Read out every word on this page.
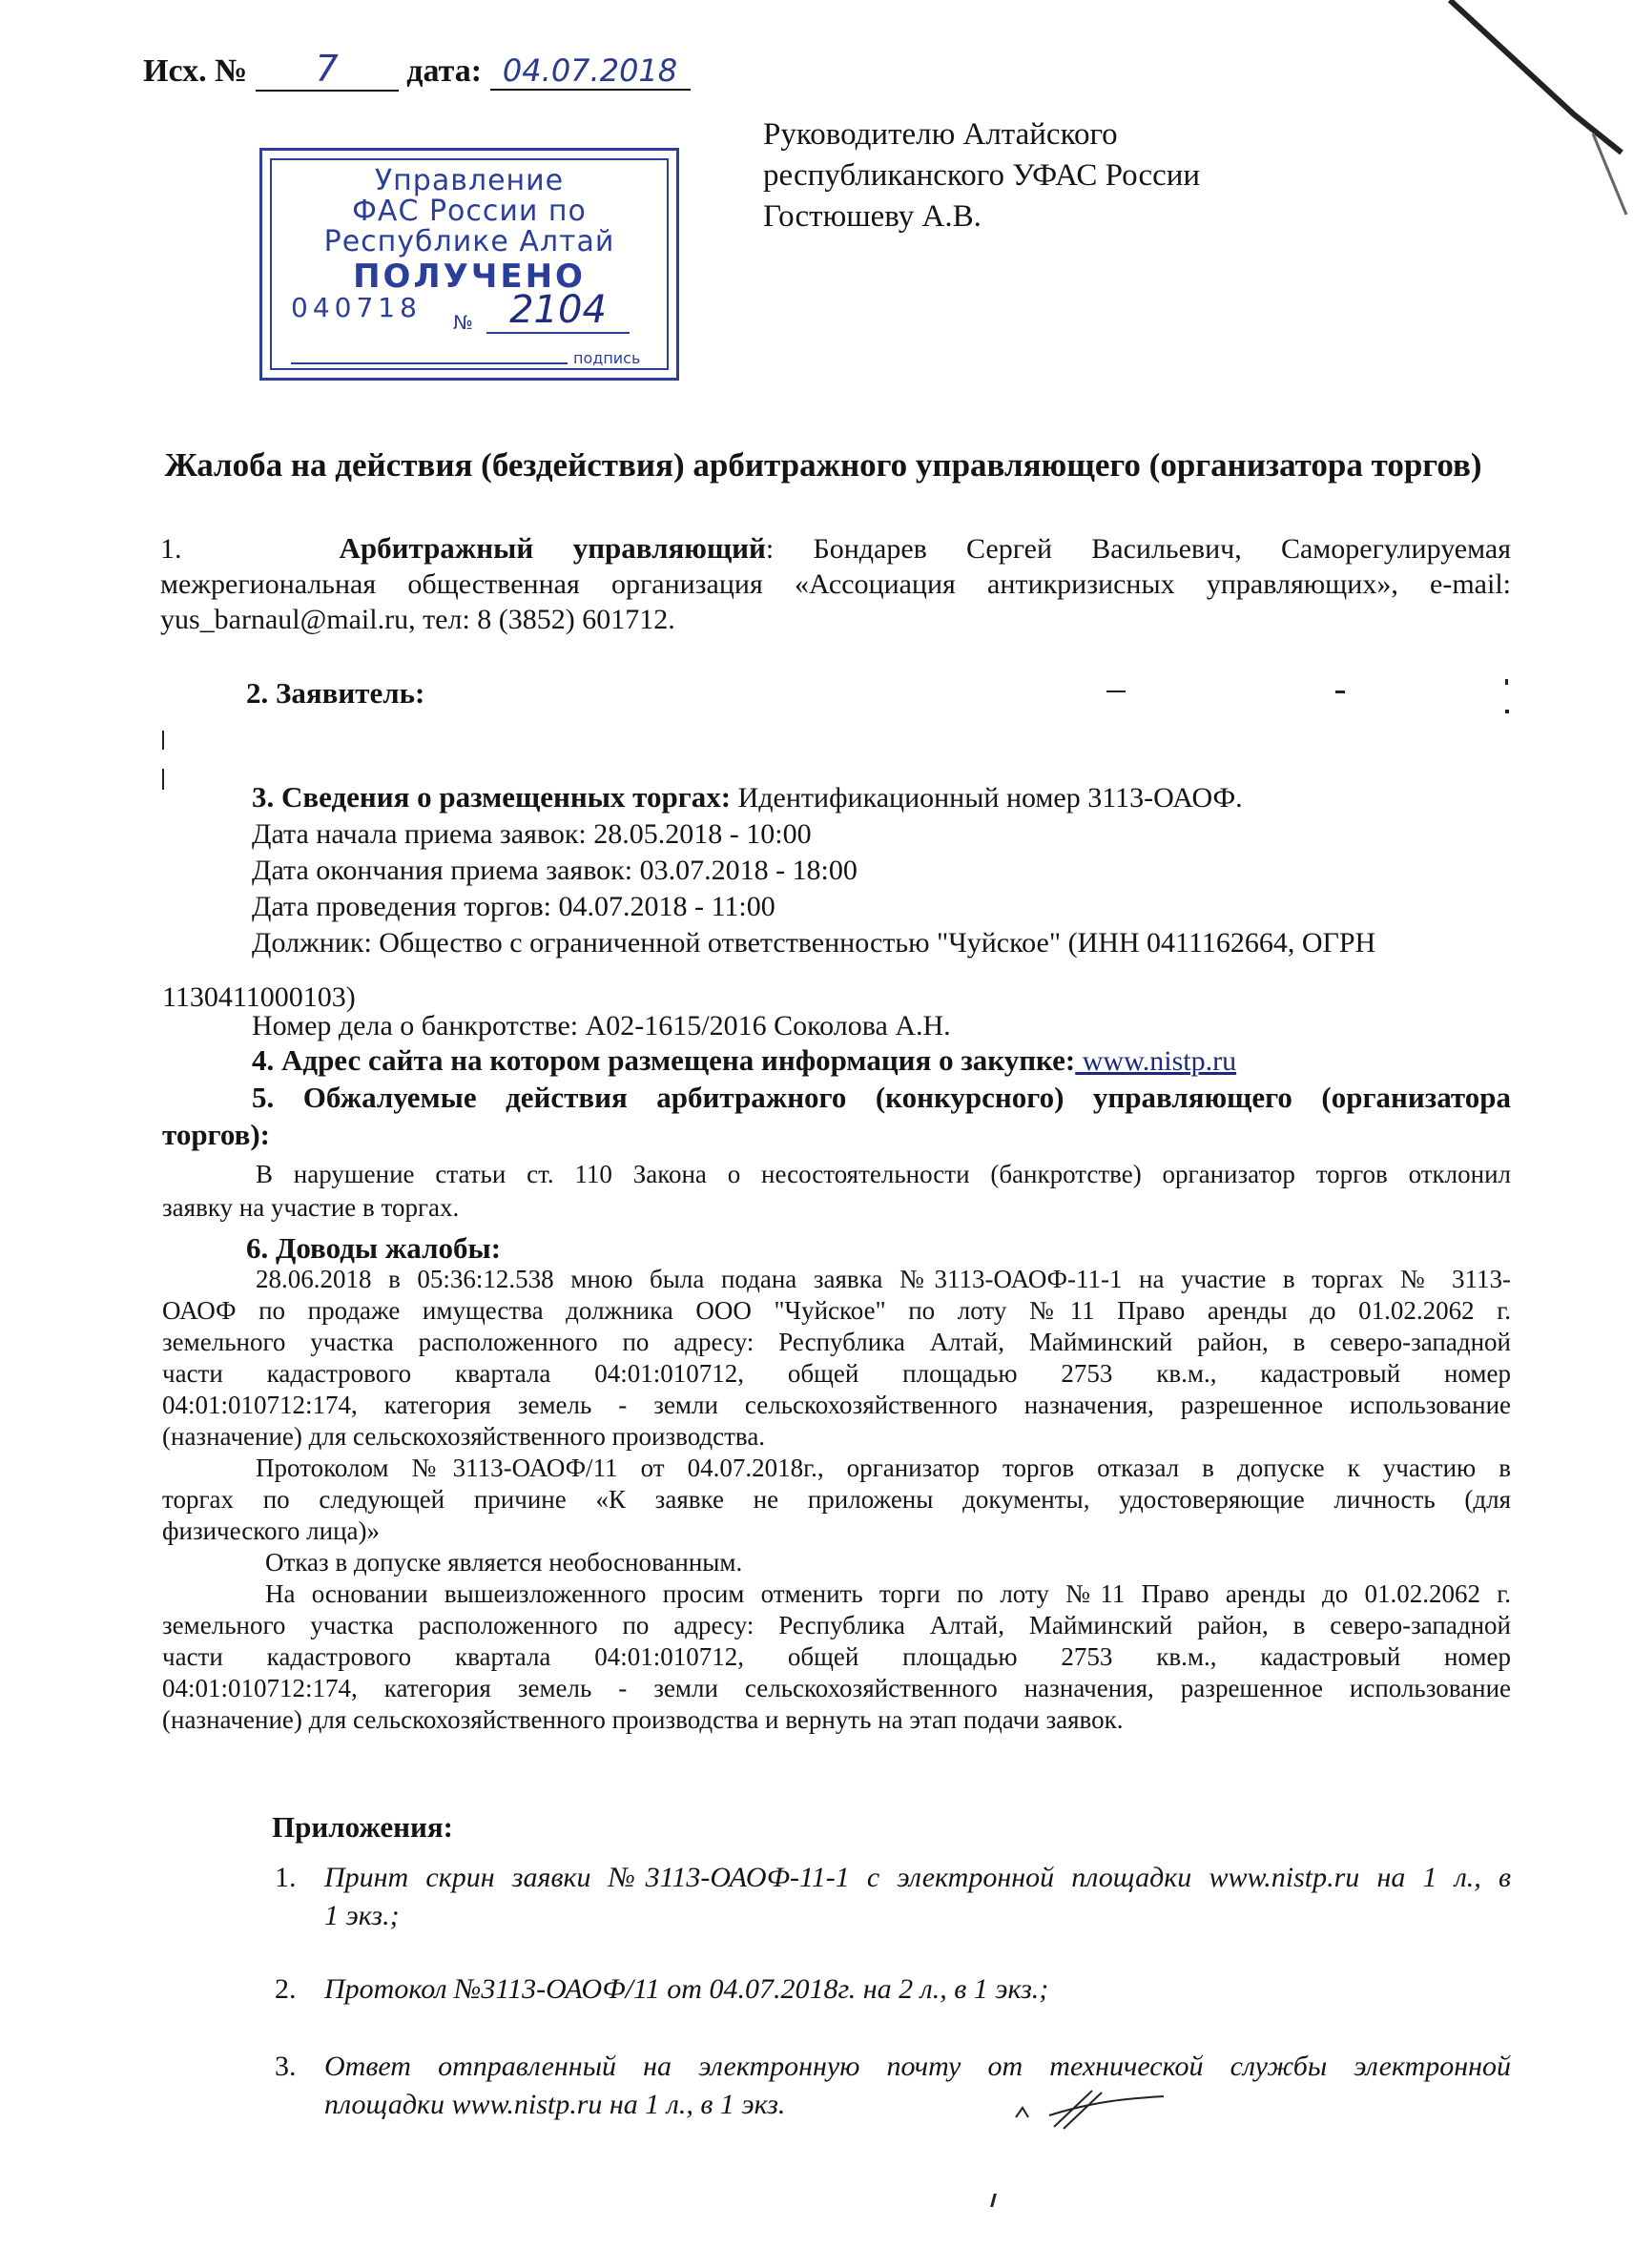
Исх. № 7 дата: 04.07.2018
Руководителю Алтайского
республиканского УФАС России
Гостюшеву А.В.
Управление
ФАС России по
Республике Алтай
ПОЛУЧЕНО
040718 № 2104
подпись
Жалоба на действия (бездействия) арбитражного управляющего (организатора торгов)
1.	Арбитражный управляющий: Бондарев Сергей Васильевич, Саморегулируемая
межрегиональная общественная организация «Ассоциация антикризисных управляющих», e-mail:
yus_barnaul@mail.ru, тел: 8 (3852) 601712.
2. Заявитель:
3. Сведения о размещенных торгах: Идентификационный номер 3113-ОАОФ.
Дата начала приема заявок: 28.05.2018 - 10:00
Дата окончания приема заявок: 03.07.2018 - 18:00
Дата проведения торгов: 04.07.2018 - 11:00
Должник: Общество с ограниченной ответственностью "Чуйское" (ИНН 0411162664, ОГРН
1130411000103)
Номер дела о банкротстве: А02-1615/2016 Соколова А.Н.
4. Адрес сайта на котором размещена информация о закупке: www.nistp.ru
5. Обжалуемые действия арбитражного (конкурсного) управляющего (организатора
торгов):
В нарушение статьи ст. 110 Закона о несостоятельности (банкротстве) организатор торгов отклонил
заявку на участие в торгах.
6. Доводы жалобы:
28.06.2018 в 05:36:12.538 мною была подана заявка №3113-ОАОФ-11-1 на участие в торгах № 3113-
ОАОФ по продаже имущества должника ООО "Чуйское" по лоту №11 Право аренды до 01.02.2062 г.
земельного участка расположенного по адресу: Республика Алтай, Майминский район, в северо-западной
части кадастрового квартала 04:01:010712, общей площадью 2753 кв.м., кадастровый номер
04:01:010712:174, категория земель - земли сельскохозяйственного назначения, разрешенное использование
(назначение) для сельскохозяйственного производства.
Протоколом №3113-ОАОФ/11 от 04.07.2018г., организатор торгов отказал в допуске к участию в
торгах по следующей причине «К заявке не приложены документы, удостоверяющие личность (для
физического лица)»
Отказ в допуске является необоснованным.
На основании вышеизложенного просим отменить торги по лоту №11 Право аренды до 01.02.2062 г.
земельного участка расположенного по адресу: Республика Алтай, Майминский район, в северо-западной
части кадастрового квартала 04:01:010712, общей площадью 2753 кв.м., кадастровый номер
04:01:010712:174, категория земель - земли сельскохозяйственного назначения, разрешенное использование
(назначение) для сельскохозяйственного производства и вернуть на этап подачи заявок.
Приложения:
1. Принт скрин заявки №3113-ОАОФ-11-1 с электронной площадки www.nistp.ru на 1 л., в
1 экз.;
2. Протокол №3113-ОАОФ/11 от 04.07.2018г. на 2 л., в 1 экз.;
3. Ответ отправленный на электронную почту от технической службы электронной
площадки www.nistp.ru на 1 л., в 1 экз.
